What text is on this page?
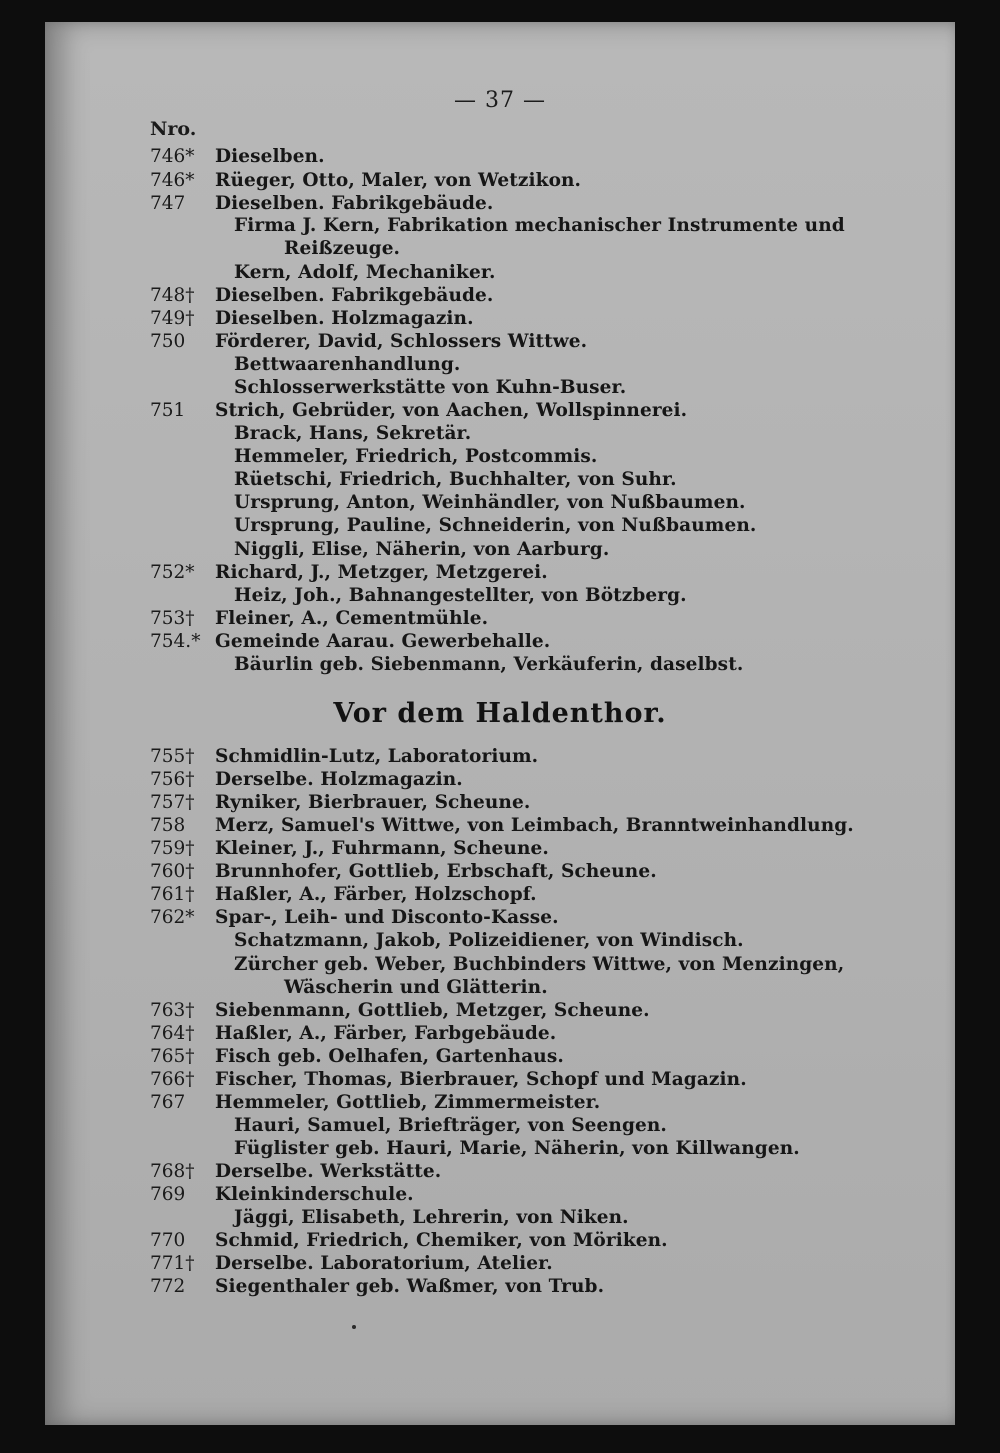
— 37 —
Nro.
746*	Dieselben.
746*	Rüeger, Otto, Maler, von Wetzikon.
747	Dieselben. Fabrikgebäude.
Firma J. Kern, Fabrikation mechanischer Instrumente und
Reißzeuge.
Kern, Adolf, Mechaniker.
748†	Dieselben. Fabrikgebäude.
749†	Dieselben. Holzmagazin.
750	Förderer, David, Schlossers Wittwe.
Bettwaarenhandlung.
Schlosserwerkstätte von Kuhn-Buser.
751	Strich, Gebrüder, von Aachen, Wollspinnerei.
Brack, Hans, Sekretär.
Hemmeler, Friedrich, Postcommis.
Rüetschi, Friedrich, Buchhalter, von Suhr.
Ursprung, Anton, Weinhändler, von Nußbaumen.
Ursprung, Pauline, Schneiderin, von Nußbaumen.
Niggli, Elise, Näherin, von Aarburg.
752*	Richard, J., Metzger, Metzgerei.
Heiz, Joh., Bahnangestellter, von Bötzberg.
753†	Fleiner, A., Cementmühle.
754.* Gemeinde Aarau. Gewerbehalle.
Bäurlin geb. Siebenmann, Verkäuferin, daselbst.
Vor dem Haldenthor.
755†	Schmidlin-Lutz, Laboratorium.
756†	Derselbe. Holzmagazin.
757†	Ryniker, Bierbrauer, Scheune.
758	Merz, Samuel's Wittwe, von Leimbach, Branntweinhandlung.
759†	Kleiner, J., Fuhrmann, Scheune.
760†	Brunnhofer, Gottlieb, Erbschaft, Scheune.
761†	Haßler, A., Färber, Holzschopf.
762*	Spar-, Leih- und Disconto-Kasse.
Schatzmann, Jakob, Polizeidiener, von Windisch.
Zürcher geb. Weber, Buchbinders Wittwe, von Menzingen,
Wäscherin und Glätterin.
763†	Siebenmann, Gottlieb, Metzger, Scheune.
764†	Haßler, A., Färber, Farbgebäude.
765†	Fisch geb. Oelhafen, Gartenhaus.
766†	Fischer, Thomas, Bierbrauer, Schopf und Magazin.
767	Hemmeler, Gottlieb, Zimmermeister.
Hauri, Samuel, Briefträger, von Seengen.
Füglister geb. Hauri, Marie, Näherin, von Killwangen.
768†	Derselbe. Werkstätte.
769	Kleinkinderschule.
Jäggi, Elisabeth, Lehrerin, von Niken.
770	Schmid, Friedrich, Chemiker, von Möriken.
771†	Derselbe. Laboratorium, Atelier.
772	Siegenthaler geb. Waßmer, von Trub.
